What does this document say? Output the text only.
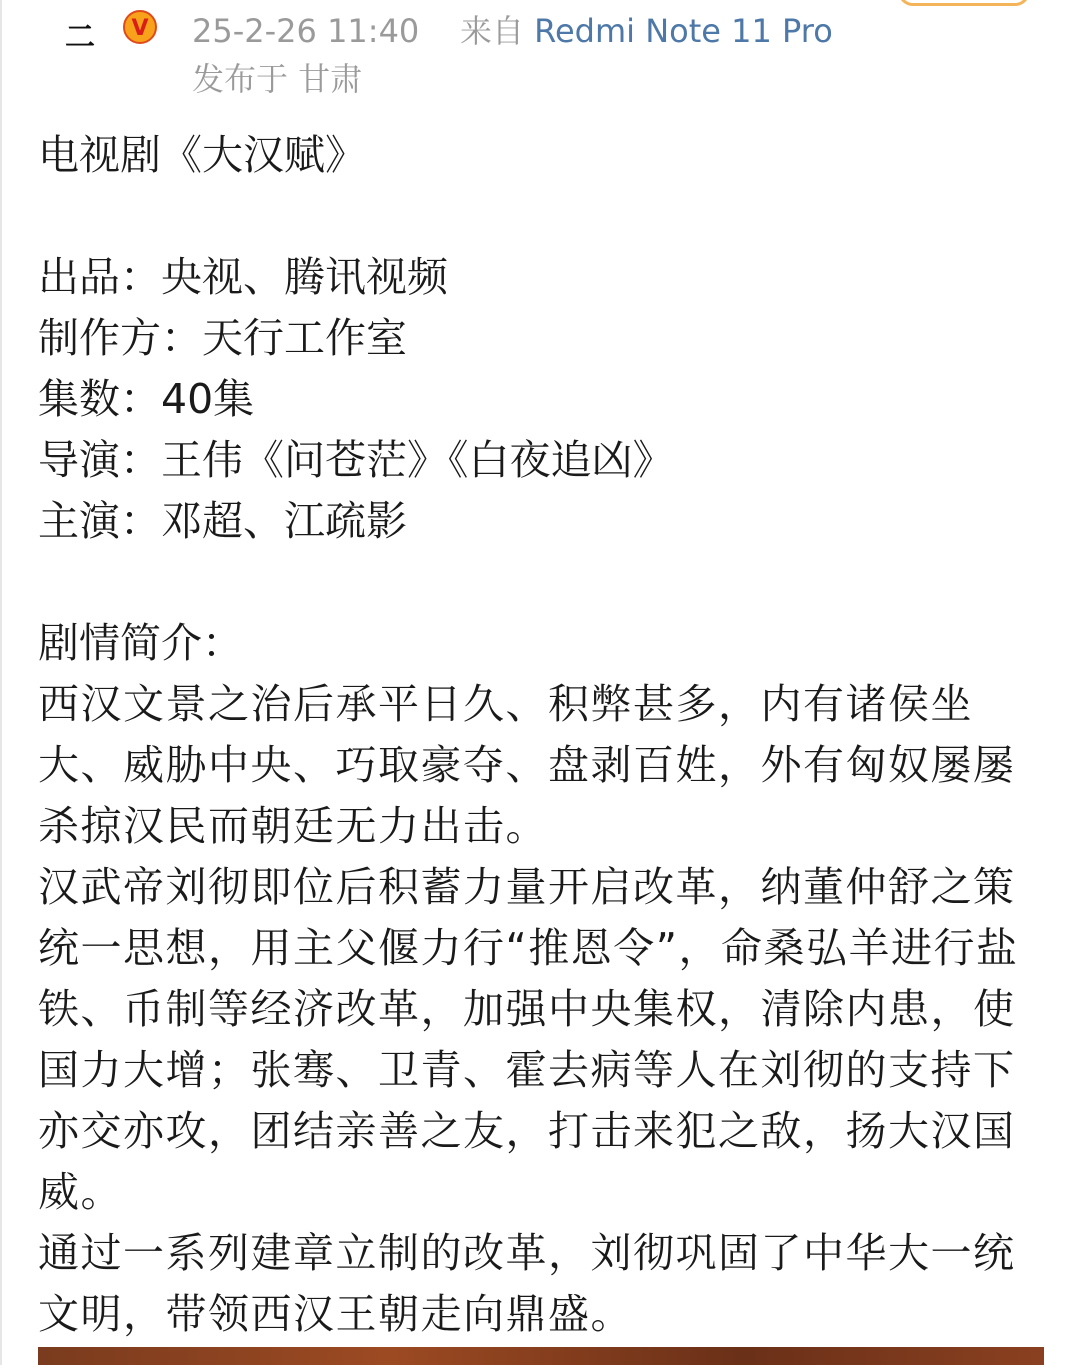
二	V 25-2-26 11:40 来自 Redmi Note 11 Pro
发布于 甘肃

电视剧《大汉赋》

出品：央视、腾讯视频

制作方：天行工作室

集数：40集

导演：王伟《问苍茫》《白夜追凶》

主演：邓超、江疏影

剧情简介：

西汉文景之治后承平日久、积弊甚多，内有诸侯坐大、威胁中央、巧取豪夺、盘剥百姓，外有匈奴屡屡杀掠汉民而朝廷无力出击。

汉武帝刘彻即位后积蓄力量开启改革，纳董仲舒之策统一思想，用主父偃力行“推恩令”，命桑弘羊进行盐铁、币制等经济改革，加强中央集权，清除内患，使国力大增；张骞、卫青、霍去病等人在刘彻的支持下亦交亦攻，团结亲善之友，打击来犯之敌，扬大汉国威。

通过一系列建章立制的改革，刘彻巩固了中华大一统文明，带领西汉王朝走向鼎盛。
